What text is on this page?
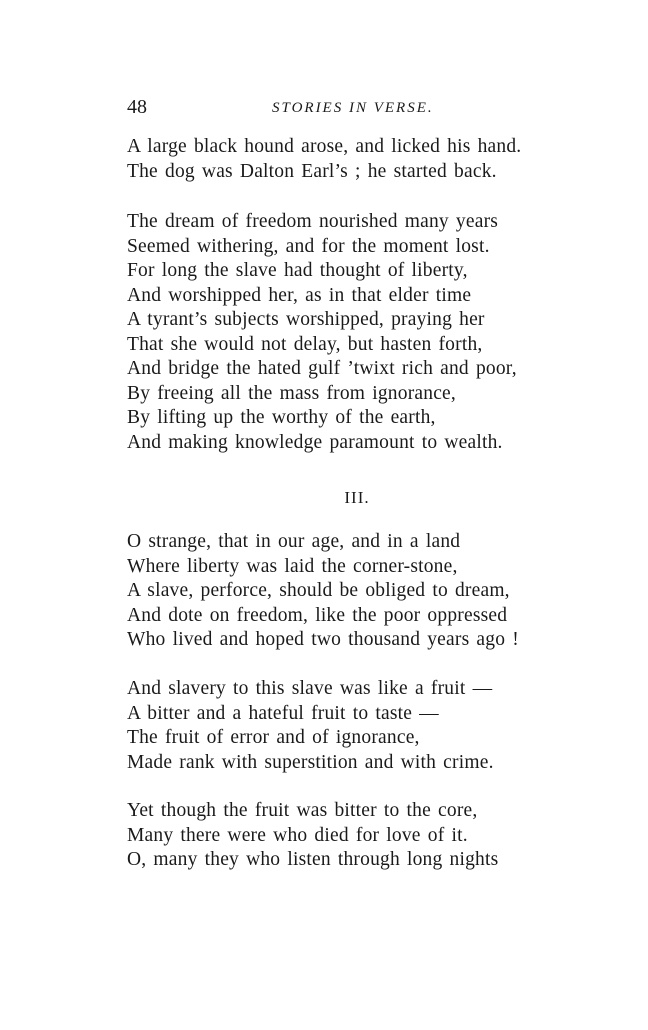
48	STORIES IN VERSE.
A large black hound arose, and licked his hand.
The dog was Dalton Earl’s ; he started back.
The dream of freedom nourished many years
Seemed withering, and for the moment lost.
For long the slave had thought of liberty,
And worshipped her, as in that elder time
A tyrant’s subjects worshipped, praying her
That she would not delay, but hasten forth,
And bridge the hated gulf ’twixt rich and poor,
By freeing all the mass from ignorance,
By lifting up the worthy of the earth,
And making knowledge paramount to wealth.
III.
O strange, that in our age, and in a land
Where liberty was laid the corner-stone,
A slave, perforce, should be obliged to dream,
And dote on freedom, like the poor oppressed
Who lived and hoped two thousand years ago !
And slavery to this slave was like a fruit —
A bitter and a hateful fruit to taste —
The fruit of error and of ignorance,
Made rank with superstition and with crime.
Yet though the fruit was bitter to the core,
Many there were who died for love of it.
O, many they who listen through long nights
